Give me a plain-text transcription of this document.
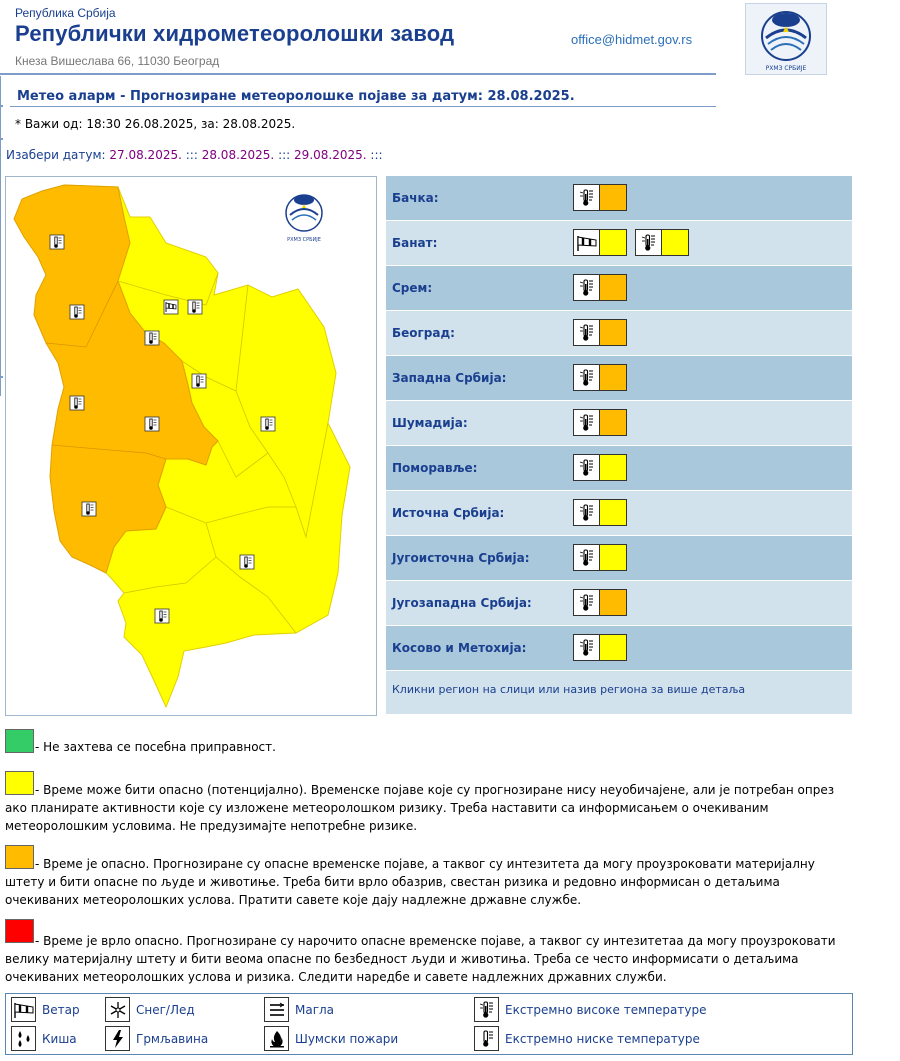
Република Србија
Републички хидрометеоролошки завод
Кнеза Вишеслава 66, 11030 Београд
office@hidmet.gov.rs
РХМЗ СРБИЈЕ
Метео аларм - Прогнозиране метеоролошке појаве за датум: 28.08.2025.
* Важи од: 18:30 26.08.2025, за: 28.08.2025.
Изабери датум: 27.08.2025. ::: 28.08.2025. ::: 29.08.2025. :::
РХМЗ СРБИЈЕ
Кликни регион на слици или назив региона за више детаља
Бачка:
Банат:
Срем:
Београд:
Западна Србија:
Шумадија:
Поморавље:
Источна Србија:
Југоисточна Србија:
Југозападна Србија:
Косово и Метохија:
- Не захтева се посебна приправност.
- Време може бити опасно (потенцијално). Временске појаве које су прогнозиране нису неуобичајене, али је потребан опрез ако планирате активности које су изложене метеоролошком ризику. Треба наставити са информисањем о очекиваним метеоролошким условима. Не предузимајте непотребне ризике.
- Време је опасно. Прогнозиране су опасне временске појаве, а таквог су интезитета да могу проузроковати материјалну штету и бити опасне по људе и животиње. Треба бити врло обазрив, свестан ризика и редовно информисан о детаљима очекиваних метеоролошких услова. Пратити савете које дају надлежне државне службе.
- Време је врло опасно. Прогнозиране су нарочито опасне временске појаве, а таквог су интезитетаа да могу проузроковати велику материјалну штету и бити веома опасне по безбедност људи и животиња. Треба се често информисати о детаљима очекиваних метеоролошких услова и ризика. Следити наредбе и савете надлежних државних служби.
Ветар	Снег/Лед	Магла	Екстремно високе температуре
Киша	Грмљавина	Шумски пожари	Екстремно ниске температуре
